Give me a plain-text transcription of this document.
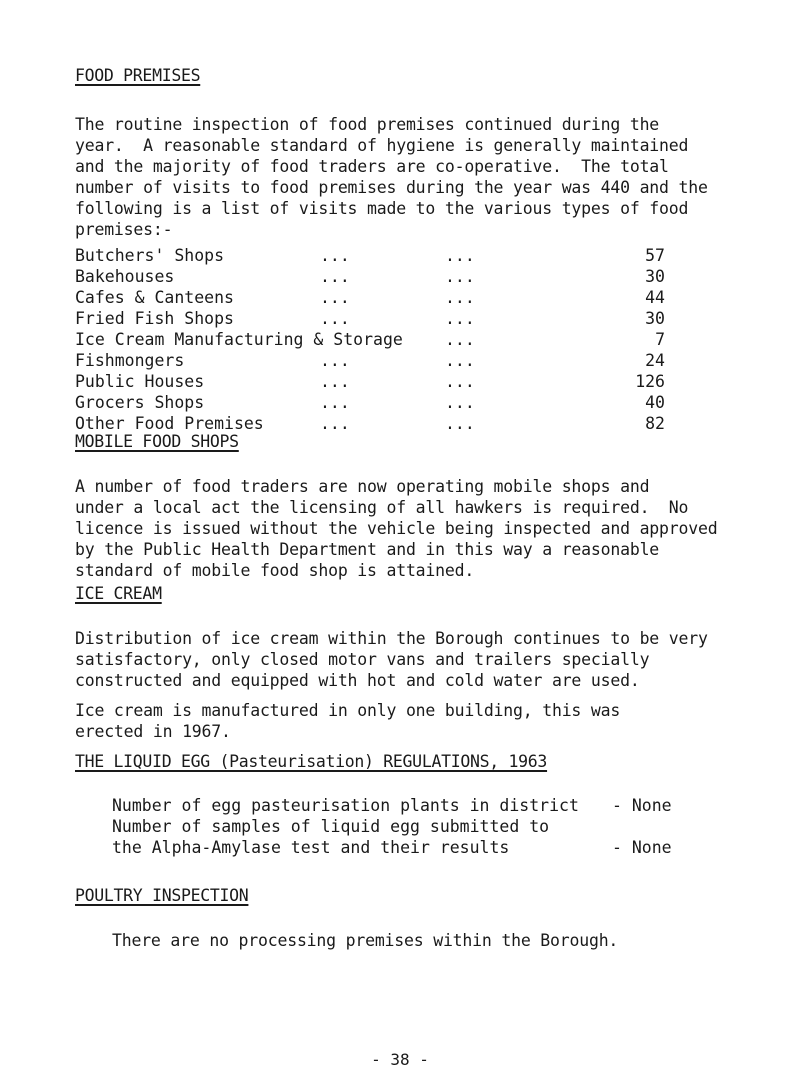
FOOD PREMISES
The routine inspection of food premises continued during the
year.  A reasonable standard of hygiene is generally maintained
and the majority of food traders are co-operative.  The total
number of visits to food premises during the year was 440 and the
following is a list of visits made to the various types of food
premises:-
Butchers' Shops	...	...	57
Bakehouses	...	...	30
Cafes & Canteens	...	...	44
Fried Fish Shops	...	...	30
Ice Cream Manufacturing & Storage	...	7
Fishmongers	...	...	24
Public Houses	...	...	126
Grocers Shops	...	...	40
Other Food Premises	...	...	82
MOBILE FOOD SHOPS
A number of food traders are now operating mobile shops and
under a local act the licensing of all hawkers is required.  No
licence is issued without the vehicle being inspected and approved
by the Public Health Department and in this way a reasonable
standard of mobile food shop is attained.
ICE CREAM
Distribution of ice cream within the Borough continues to be very
satisfactory, only closed motor vans and trailers specially
constructed and equipped with hot and cold water are used.
Ice cream is manufactured in only one building, this was
erected in 1967.
THE LIQUID EGG (Pasteurisation) REGULATIONS, 1963
Number of egg pasteurisation plants in district - None
Number of samples of liquid egg submitted to
the Alpha-Amylase test and their results	- None
POULTRY INSPECTION
There are no processing premises within the Borough.
- 38 -
